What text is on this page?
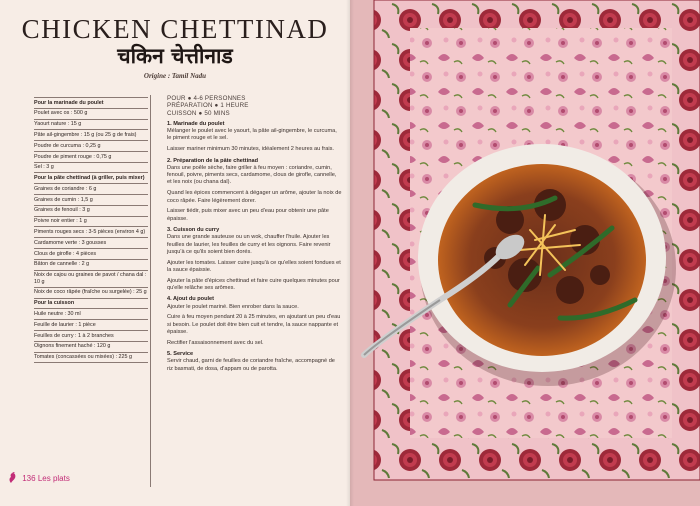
CHICKEN CHETTINAD
चकिन चेत्तीनाड
Origine : Tamil Nadu
Pour la marinade du poulet
Poulet avec os : 500 g
Yaourt nature : 15 g
Pâte ail-gingembre : 15 g (ou 25 g de frais)
Poudre de curcuma : 0,25 g
Poudre de piment rouge : 0,75 g
Sel : 3 g
Pour la pâte chettinad (à griller, puis mixer)
Graines de coriandre : 6 g
Graines de cumin : 1,5 g
Graines de fenouil : 3 g
Poivre noir entier : 1 g
Piments rouges secs : 3-5 pièces (environ 4 g)
Cardamome verte : 3 gousses
Clous de girofle : 4 pièces
Bâton de cannelle : 2 g
Noix de cajou ou graines de pavot / chana dal : 10 g
Noix de coco râpée (fraîche ou surgelée) : 25 g
Pour la cuisson
Huile neutre : 30 ml
Feuille de laurier : 1 pièce
Feuilles de curry : 1 à 2 branches
Oignons finement haché : 120 g
Tomates (concassées ou mixées) : 225 g
POUR ● 4-6 PERSONNES
PRÉPARATION ● 1 HEURE
CUISSON ● 50 MINS
1. Marinade du poulet
Mélanger le poulet avec le yaourt, la pâte ail-gingembre, le curcuma, le piment rouge et le sel.
Laisser mariner minimum 30 minutes, idéalement 2 heures au frais.
2. Préparation de la pâte chettinad
Dans une poêle sèche, faire griller à feu moyen : coriandre, cumin, fenouil, poivre, piments secs, cardamome, clous de girofle, cannelle, et les noix (ou chana dal).
Quand les épices commencent à dégager un arôme, ajouter la noix de coco râpée. Faire légèrement dorer.
Laisser tiédir, puis mixer avec un peu d'eau pour obtenir une pâte épaisse.
3. Cuisson du curry
Dans une grande sauteuse ou un wok, chauffer l'huile. Ajouter les feuilles de laurier, les feuilles de curry et les oignons. Faire revenir jusqu'à ce qu'ils soient bien dorés.
Ajouter les tomates. Laisser cuire jusqu'à ce qu'elles soient fondues et la sauce épaissie.
Ajouter la pâte d'épices chettinad et faire cuire quelques minutes pour qu'elle relâche ses arômes.
4. Ajout du poulet
Ajouter le poulet mariné. Bien enrober dans la sauce.
Cuire à feu moyen pendant 20 à 25 minutes, en ajoutant un peu d'eau si besoin. Le poulet doit être bien cuit et tendre, la sauce nappante et épaisse.
Rectifier l'assaisonnement avec du sel.
5. Service
Servir chaud, garni de feuilles de coriandre fraîche, accompagné de riz basmati, de dosa, d'appam ou de parotta.
136 Les plats
